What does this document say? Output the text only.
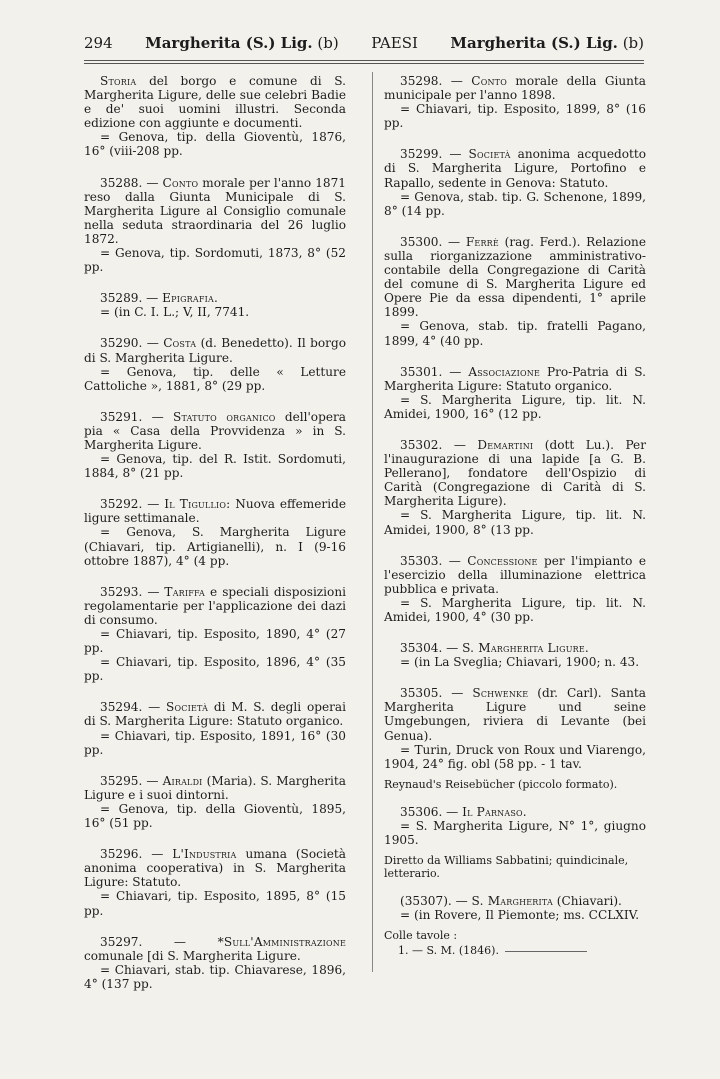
294 Margherita (S.) Lig. (b) PAESI Margherita (S.) Lig. (b)

Storia del borgo e comune di S. Margherita Ligure, delle sue celebri Badie e de' suoi uomini illustri. Seconda edizione con aggiunte e documenti.

= Genova, tip. della Gioventù, 1876, 16° (viii-208 pp.

35288. — Conto morale per l'anno 1871 reso dalla Giunta Municipale di S. Margherita Ligure al Consiglio comunale nella seduta straordinaria del 26 luglio 1872.

= Genova, tip. Sordomuti, 1873, 8° (52 pp.

35289. — Epigrafia.

= (in C. I. L.; V, II, 7741.

35290. — Costa (d. Benedetto). Il borgo di S. Margherita Ligure.

= Genova, tip. delle « Letture Cattoliche », 1881, 8° (29 pp.

35291. — Statuto organico dell'opera pia « Casa della Provvidenza » in S. Margherita Ligure.

= Genova, tip. del R. Istit. Sordomuti, 1884, 8° (21 pp.

35292. — Il Tigullio: Nuova effemeride ligure settimanale.

= Genova, S. Margherita Ligure (Chiavari, tip. Artigianelli), n. I (9-16 ottobre 1887), 4° (4 pp.

35293. — Tariffa e speciali disposizioni regolamentarie per l'applicazione dei dazi di consumo.

= Chiavari, tip. Esposito, 1890, 4° (27 pp.

= Chiavari, tip. Esposito, 1896, 4° (35 pp.

35294. — Società di M. S. degli operai di S. Margherita Ligure: Statuto organico.

= Chiavari, tip. Esposito, 1891, 16° (30 pp.

35295. — Airaldi (Maria). S. Margherita Ligure e i suoi dintorni.

= Genova, tip. della Gioventù, 1895, 16° (51 pp.

35296. — L'Industria umana (Società anonima cooperativa) in S. Margherita Ligure: Statuto.

= Chiavari, tip. Esposito, 1895, 8° (15 pp.

35297. — *Sull'Amministrazione comunale [di S. Margherita Ligure.

= Chiavari, stab. tip. Chiavarese, 1896, 4° (137 pp.

35298. — Conto morale della Giunta municipale per l'anno 1898.

= Chiavari, tip. Esposito, 1899, 8° (16 pp.

35299. — Società anonima acquedotto di S. Margherita Ligure, Portofino e Rapallo, sedente in Genova: Statuto.

= Genova, stab. tip. G. Schenone, 1899, 8° (14 pp.

35300. — Ferrè (rag. Ferd.). Relazione sulla riorganizzazione amministrativo-contabile della Congregazione di Carità del comune di S. Margherita Ligure ed Opere Pie da essa dipendenti, 1° aprile 1899.

= Genova, stab. tip. fratelli Pagano, 1899, 4° (40 pp.

35301. — Associazione Pro-Patria di S. Margherita Ligure: Statuto organico.

= S. Margherita Ligure, tip. lit. N. Amidei, 1900, 16° (12 pp.

35302. — Demartini (dott Lu.). Per l'inaugurazione di una lapide [a G. B. Pellerano], fondatore dell'Ospizio di Carità (Congregazione di Carità di S. Margherita Ligure).

= S. Margherita Ligure, tip. lit. N. Amidei, 1900, 8° (13 pp.

35303. — Concessione per l'impianto e l'esercizio della illuminazione elettrica pubblica e privata.

= S. Margherita Ligure, tip. lit. N. Amidei, 1900, 4° (30 pp.

35304. — S. Margherita Ligure.

= (in La Sveglia; Chiavari, 1900; n. 43.

35305. — Schwenke (dr. Carl). Santa Margherita Ligure und seine Umgebungen, riviera di Levante (bei Genua).

= Turin, Druck von Roux und Viarengo, 1904, 24° fig. obl (58 pp. - 1 tav.

Reynaud's Reisebücher (piccolo formato).

35306. — Il Parnaso.

= S. Margherita Ligure, N° 1°, giugno 1905.

Diretto da Williams Sabbatini; quindicinale, letterario.

(35307). — S. Margherita (Chiavari).

= (in Rovere, Il Piemonte; ms. CCLXIV.

Colle tavole :
1. — S. M. (1846).
